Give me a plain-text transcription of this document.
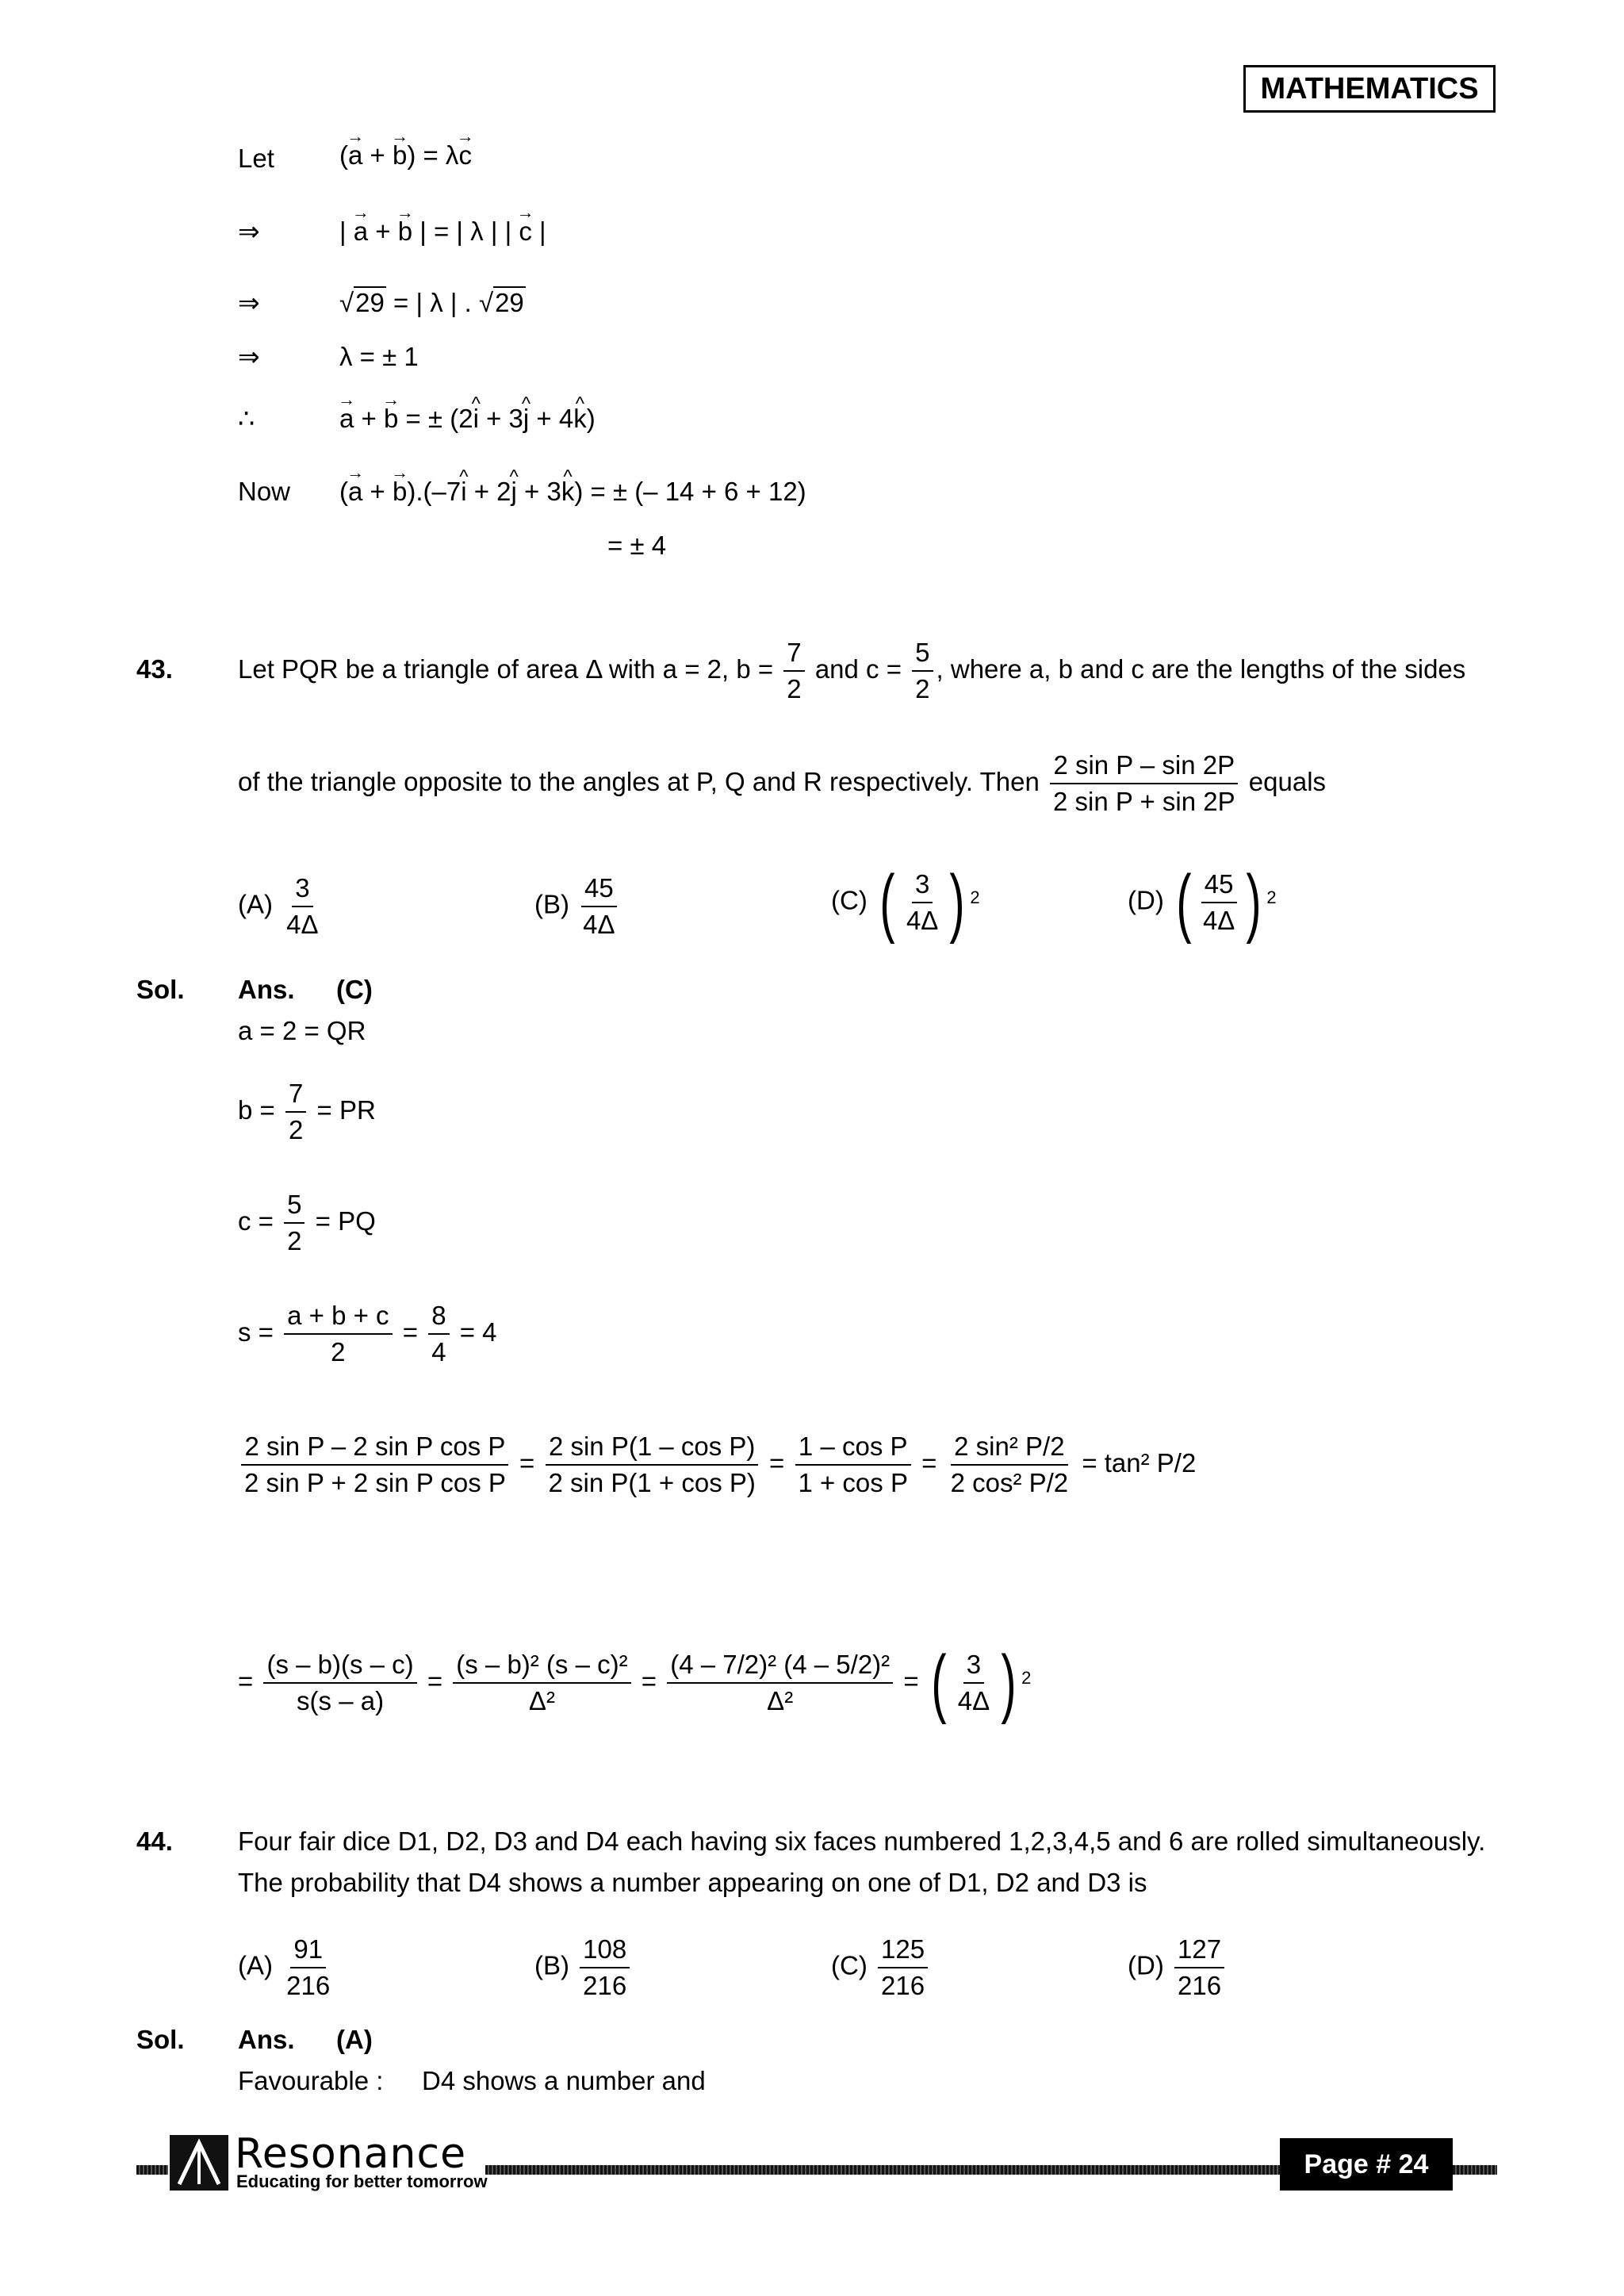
MATHEMATICS
Let (→ a + → b) = λ→ c
⇒	| → a + → b | = | λ | | → c |
⇒	√29 = | λ | . √29
⇒	λ = ± 1
∴
→	a + → b = ± (2^ i + 3^ j + 4^ k)
Now (→ a + → b).(–7^ i + 2^ j + 3^ k) = ± (– 14 + 6 + 12)
= ± 4
43. Let PQR be a triangle of area Δ with a = 2, $b = \frac{7}{2}$ and $c = \frac{5}{2}$ , where a, b and c are the lengths of the sides
of the triangle opposite to the angles at P, Q and R respectively. Then $\frac{\text{2 sin P – sin 2P}}{\text{2 sin P + sin 2P}}$ equals
$(A) \frac{3}{4\Delta}$	$(B) \frac{45}{4\Delta}$	(C) ( $\frac{3}{4\Delta}$ ) $^2$	(D) ( $\frac{45}{4\Delta}$ ) $^2$
Sol. Ans. (C)
a = 2 = QR
$b = \frac{7}{2}$ = PR
$c = \frac{5}{2}$ = PQ
$s = \frac{a + b + c}{2} = \frac{8}{4} = 4$
$\frac{\text{2 sin P – 2 sin P cos P}}{\text{2 sin P + 2 sin P cos P}} = \frac{\text{2 sin P(1 – cos P)}}{\text{2 sin P(1 + cos P)}} = \frac{\text{1 – cos P}}{\text{1 + cos P}} = \frac{\text{2 sin² P/2}}{\text{2 cos² P/2}} = \tan^2$ P/2
= $\frac{(s - b)(s - c)}{s(s - a)} = \frac{\text{(s – b)² (s – c)²}}{\text{Δ²}} = \frac{\text{(4 – 7/2)² (4 – 5/2)²}}{\text{Δ²}}$ = ( $\frac{3}{4\Delta}$ ) $^2$
44. Four fair dice D1, D2, D3 and D4 each having six faces numbered 1,2,3,4,5 and 6 are rolled simultaneously.
The probability that D4 shows a number appearing on one of D1, D2 and D3 is
$(A) \frac{91}{216}$	$(B) \frac{108}{216}$	$(C) \frac{125}{216}$	$(D) \frac{127}{216}$
Sol. Ans. (A)
Favourable : D4 shows a number and
Resonance
Educating for better tomorrow
Page # 24
